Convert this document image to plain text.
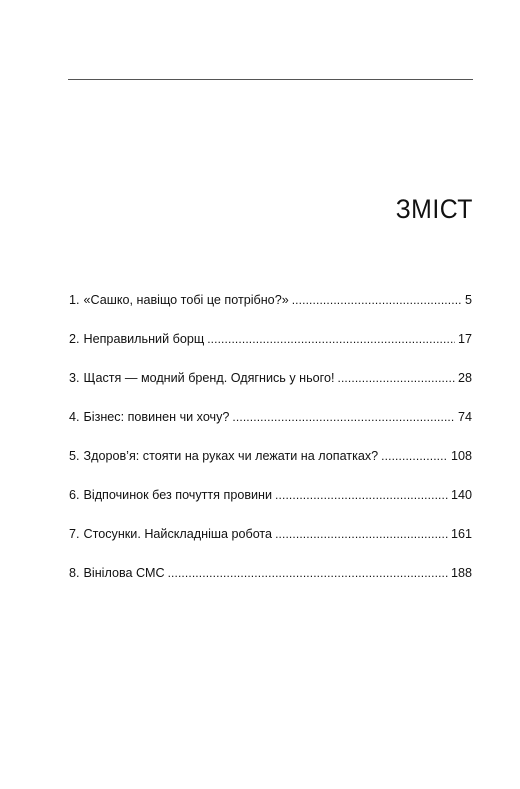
ЗМІСТ
1. «Сашко, навіщо тобі це потрібно?» . . .	5
2. Неправильний борщ . . .	17
3. Щастя — модний бренд. Одягнись у нього! . . .	28
4. Бізнес: повинен чи хочу? . . .	74
5. Здоров’я: стояти на руках чи лежати на лопатках? . . .	108
6. Відпочинок без почуття провини . . .	140
7. Стосунки. Найскладніша робота . . .	161
8. Вінілова СМС . . .	188
